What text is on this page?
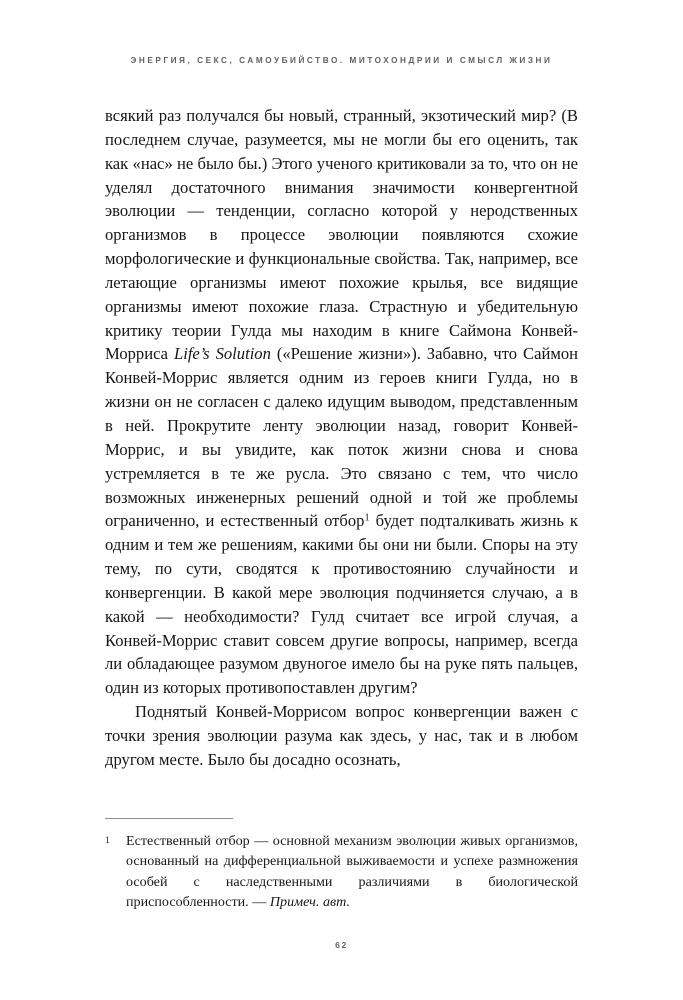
ЭНЕРГИЯ, СЕКС, САМОУБИЙСТВО. МИТОХОНДРИИ И СМЫСЛ ЖИЗНИ

всякий раз получался бы новый, странный, экзотический мир? (В последнем случае, разумеется, мы не могли бы его оценить, так как «нас» не было бы.) Этого ученого критиковали за то, что он не уделял достаточного внимания значимости конвергентной эволюции — тенденции, согласно которой у неродственных организмов в процессе эволюции появляются схожие морфологические и функциональные свойства. Так, например, все летающие организмы имеют похожие крылья, все видящие организмы имеют похожие глаза. Страстную и убедительную критику теории Гулда мы находим в книге Саймона Конвей-Морриса Life’s Solution («Решение жизни»). Забавно, что Саймон Конвей-Моррис является одним из героев книги Гулда, но в жизни он не согласен с далеко идущим выводом, представленным в ней. Прокрутите ленту эволюции назад, говорит Конвей-Моррис, и вы увидите, как поток жизни снова и снова устремляется в те же русла. Это связано с тем, что число возможных инженерных решений одной и той же проблемы ограниченно, и естественный отбор$^1$ будет подталкивать жизнь к одним и тем же решениям, какими бы они ни были. Споры на эту тему, по сути, сводятся к противостоянию случайности и конвергенции. В какой мере эволюция подчиняется случаю, а в какой — необходимости? Гулд считает все игрой случая, а Конвей-Моррис ставит совсем другие вопросы, например, всегда ли обладающее разумом двуногое имело бы на руке пять пальцев, один из которых противопоставлен другим?

Поднятый Конвей-Моррисом вопрос конвергенции важен с точки зрения эволюции разума как здесь, у нас, так и в любом другом месте. Было бы досадно осознать,

1 Естественный отбор — основной механизм эволюции живых организмов, основанный на дифференциальной выживаемости и успехе размножения особей с наследственными различиями в биологической приспособленности. — Примеч. авт.

62
